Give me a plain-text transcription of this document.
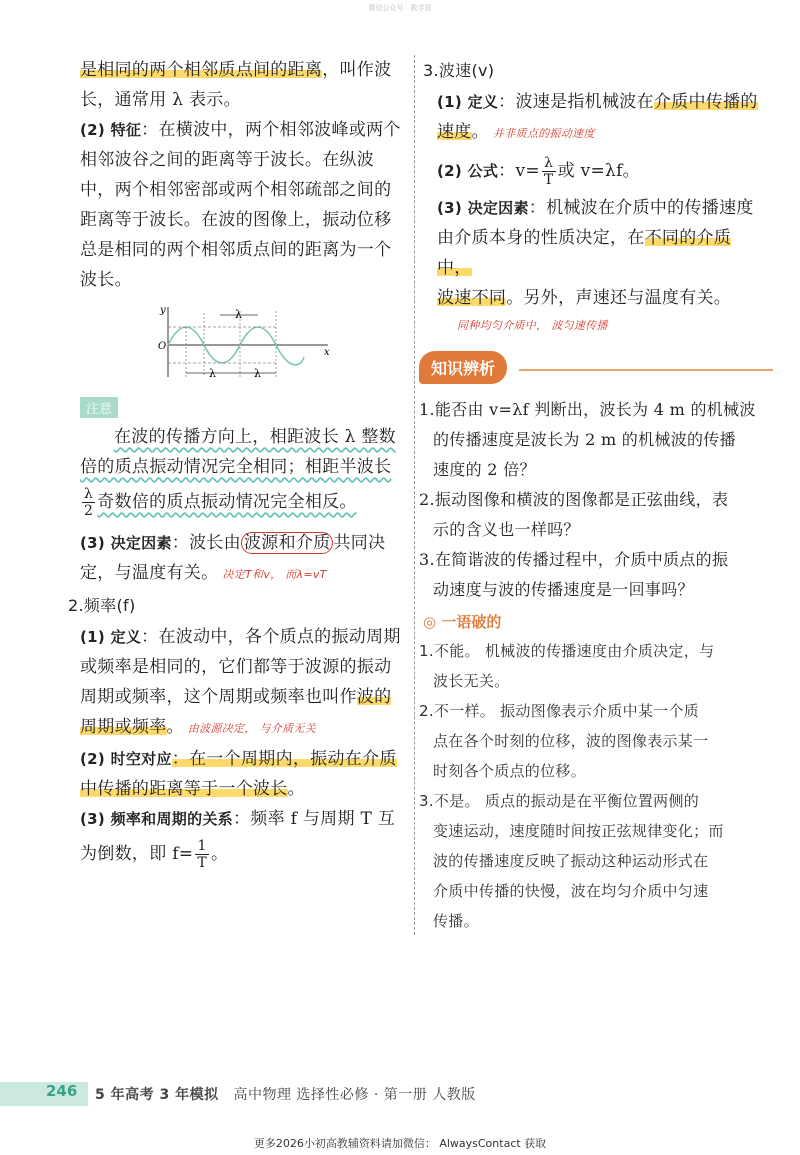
微信公众号：教学资

是相同的两个相邻质点间的距离，叫作波

长，通常用 λ 表示。

(2) 特征：在横波中，两个相邻波峰或两个

相邻波谷之间的距离等于波长。在纵波

中，两个相邻密部或两个相邻疏部之间的

距离等于波长。在波的图像上，振动位移

总是相同的两个相邻质点间的距离为一个

波长。

y
O
x
λ
λ	λ
注意

在波的传播方向上，相距波长 λ 整数

倍的质点振动情况完全相同；相距半波长

$\frac{\lambda}{2}$ 奇数倍的质点振动情况完全相反。

(3) 决定因素：波长由 波源和介质 共同决

定，与温度有关。 决定T和v， 而λ=vT

2.频率(f)

(1) 定义：在波动中，各个质点的振动周期

或频率是相同的，它们都等于波源的振动

周期或频率，这个周期或频率也叫作波的

周期或频率。 由波源决定， 与介质无关

(2) 时空对应：在一个周期内，振动在介质

中传播的距离等于一个波长。

(3) 频率和周期的关系：频率 f 与周期 T 互

为倒数，即 $f= \frac{1}{T}$ 。

3.波速(v)

(1) 定义：波速是指机械波在介质中传播的

速度。 并非质点的振动速度

(2) 公式：$v= \frac{\lambda}{T}$ 或 v=λf。

(3) 决定因素：机械波在介质中的传播速度

由介质本身的性质决定，在不同的介质中，

波速不同。另外，声速还与温度有关。

同种均匀介质中， 波匀速传播

知识辨析

1.能否由 v=λf 判断出，波长为 4 m 的机械波

的传播速度是波长为 2 m 的机械波的传播

速度的 2 倍？

2.振动图像和横波的图像都是正弦曲线，表

示的含义也一样吗？

3.在简谐波的传播过程中，介质中质点的振

动速度与波的传播速度是一回事吗？

◎ 一语破的

1.不能。 机械波的传播速度由介质决定，与

波长无关。

2.不一样。 振动图像表示介质中某一个质

点在各个时刻的位移，波的图像表示某一

时刻各个质点的位移。

3.不是。 质点的振动是在平衡位置两侧的

变速运动，速度随时间按正弦规律变化；而

波的传播速度反映了振动这种运动形式在

介质中传播的快慢，波在均匀介质中匀速

传播。

246 5 年高考 3 年模拟 高中物理 选择性必修 · 第一册 人教版
更多2026小初高教辅资料请加微信： AlwaysContact 获取
